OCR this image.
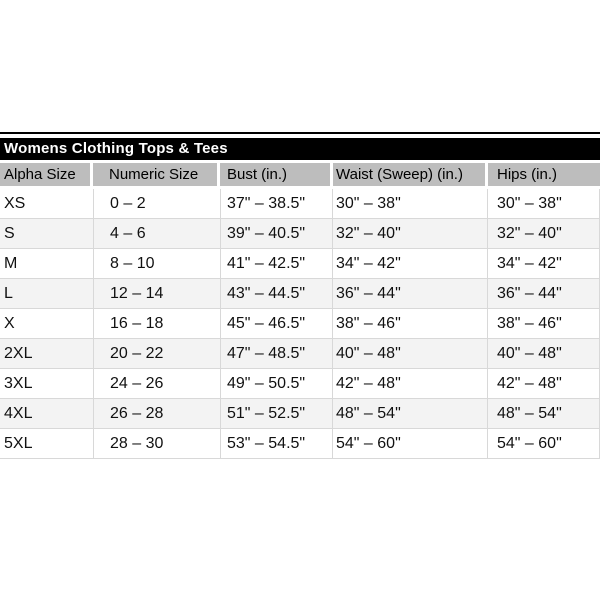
Womens Clothing Tops & Tees
Alpha Size	Numeric Size	Bust (in.)	Waist (Sweep) (in.)	Hips (in.)
XS	0 – 2	37" – 38.5"	30" – 38"	30" – 38"
S	4 – 6	39" – 40.5"	32" – 40"	32" – 40"
M	8 – 10	41" – 42.5"	34" – 42"	34" – 42"
L	12 – 14	43" – 44.5"	36" – 44"	36" – 44"
X	16 – 18	45" – 46.5"	38" – 46"	38" – 46"
2XL	20 – 22	47" – 48.5"	40" – 48"	40" – 48"
3XL	24 – 26	49" – 50.5"	42" – 48"	42" – 48"
4XL	26 – 28	51" – 52.5"	48" – 54"	48" – 54"
5XL	28 – 30	53" – 54.5"	54" – 60"	54" – 60"
